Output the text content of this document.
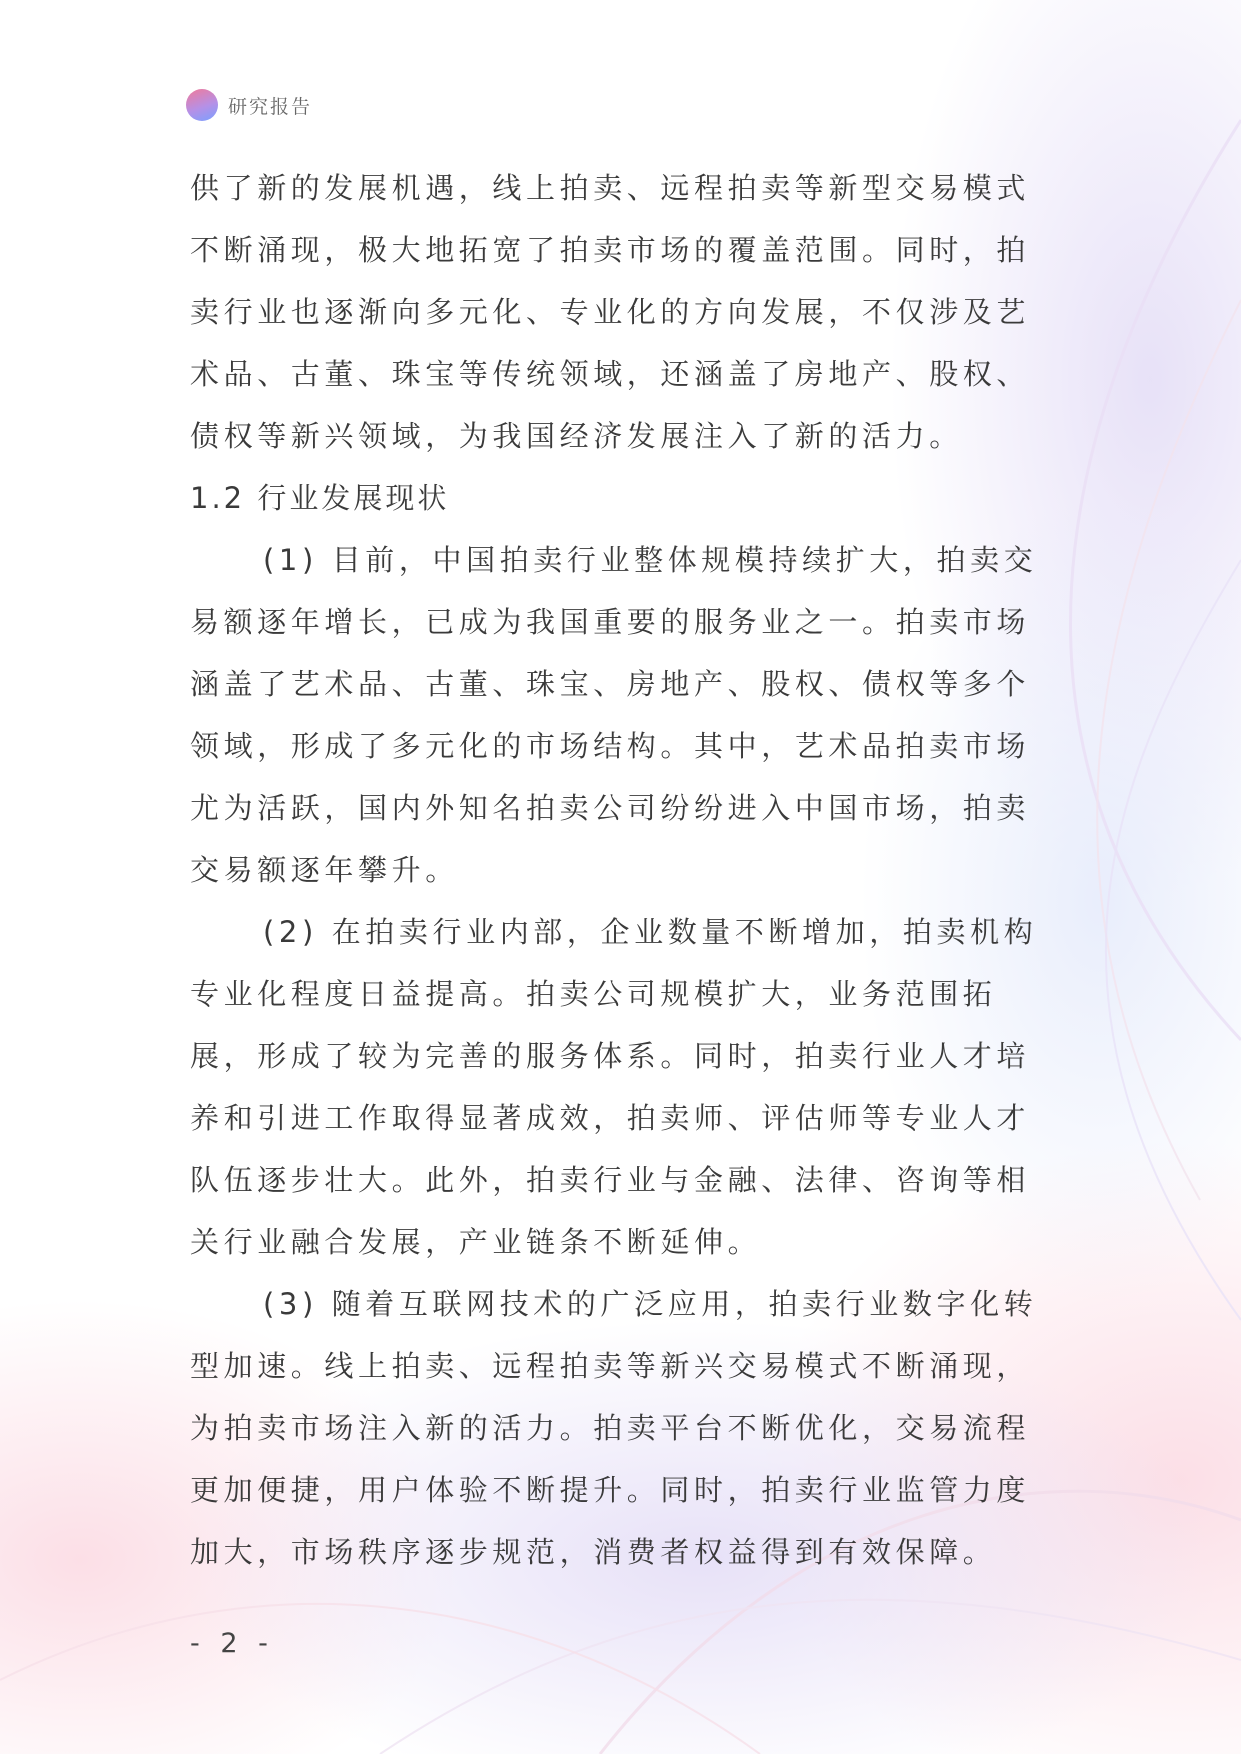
研究报告

供了新的发展机遇，线上拍卖、远程拍卖等新型交易模式不断涌现，极大地拓宽了拍卖市场的覆盖范围。同时，拍卖行业也逐渐向多元化、专业化的方向发展，不仅涉及艺术品、古董、珠宝等传统领域，还涵盖了房地产、股权、债权等新兴领域，为我国经济发展注入了新的活力。

1.2 行业发展现状

(1) 目前，中国拍卖行业整体规模持续扩大，拍卖交易额逐年增长，已成为我国重要的服务业之一。拍卖市场涵盖了艺术品、古董、珠宝、房地产、股权、债权等多个领域，形成了多元化的市场结构。其中，艺术品拍卖市场尤为活跃，国内外知名拍卖公司纷纷进入中国市场，拍卖交易额逐年攀升。

(2) 在拍卖行业内部，企业数量不断增加，拍卖机构专业化程度日益提高。拍卖公司规模扩大，业务范围拓展，形成了较为完善的服务体系。同时，拍卖行业人才培养和引进工作取得显著成效，拍卖师、评估师等专业人才队伍逐步壮大。此外，拍卖行业与金融、法律、咨询等相关行业融合发展，产业链条不断延伸。

(3) 随着互联网技术的广泛应用，拍卖行业数字化转型加速。线上拍卖、远程拍卖等新兴交易模式不断涌现，为拍卖市场注入新的活力。拍卖平台不断优化，交易流程更加便捷，用户体验不断提升。同时，拍卖行业监管力度加大，市场秩序逐步规范，消费者权益得到有效保障。

- 2 -
